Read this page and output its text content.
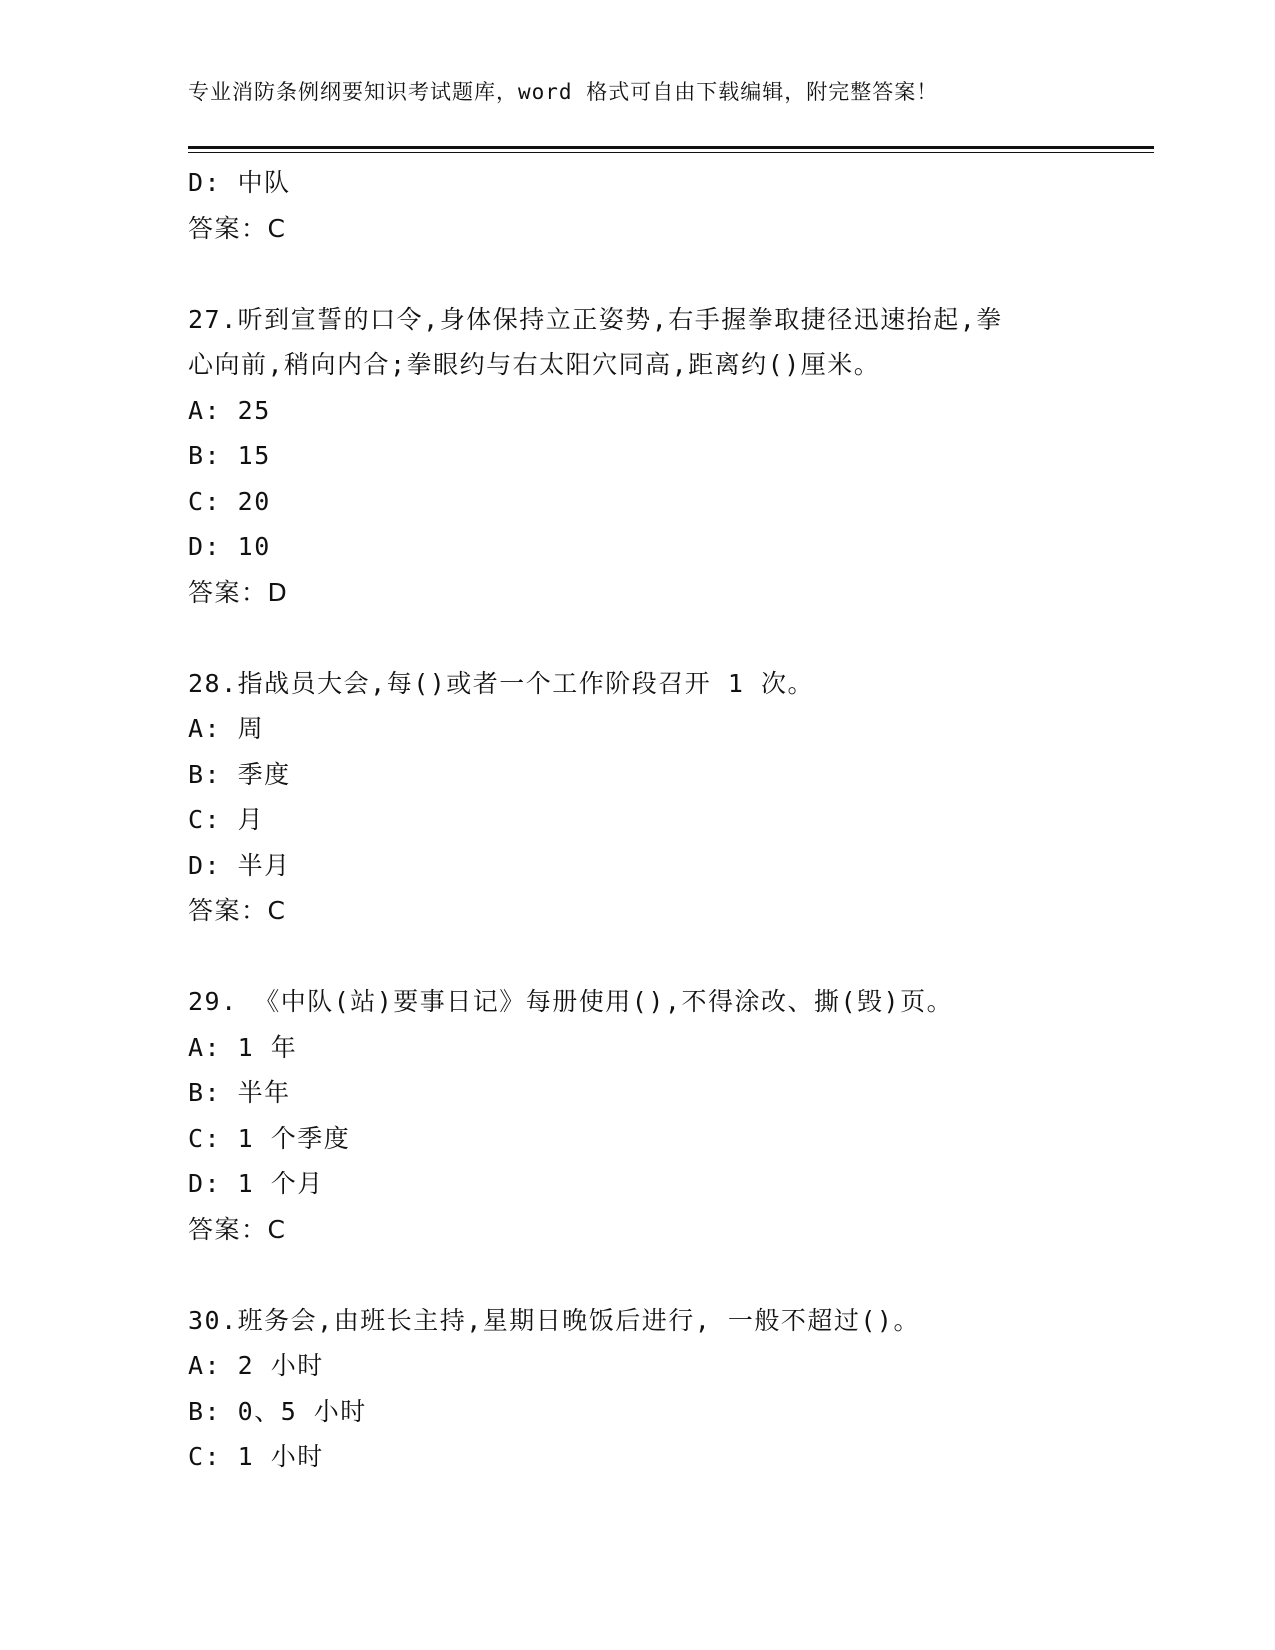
专业消防条例纲要知识考试题库，word 格式可自由下载编辑，附完整答案！
D: 中队
答案：C
27.听到宣誓的口令,身体保持立正姿势,右手握拳取捷径迅速抬起,拳
心向前,稍向内合;拳眼约与右太阳穴同高,距离约()厘米。
A: 25
B: 15
C: 20
D: 10
答案：D
28.指战员大会,每()或者一个工作阶段召开 1 次。
A: 周
B: 季度
C: 月
D: 半月
答案：C
29. 《中队(站)要事日记》每册使用(),不得涂改、撕(毁)页。
A: 1 年
B: 半年
C: 1 个季度
D: 1 个月
答案：C
30.班务会,由班长主持,星期日晚饭后进行, 一般不超过()。
A: 2 小时
B: 0、5 小时
C: 1 小时
